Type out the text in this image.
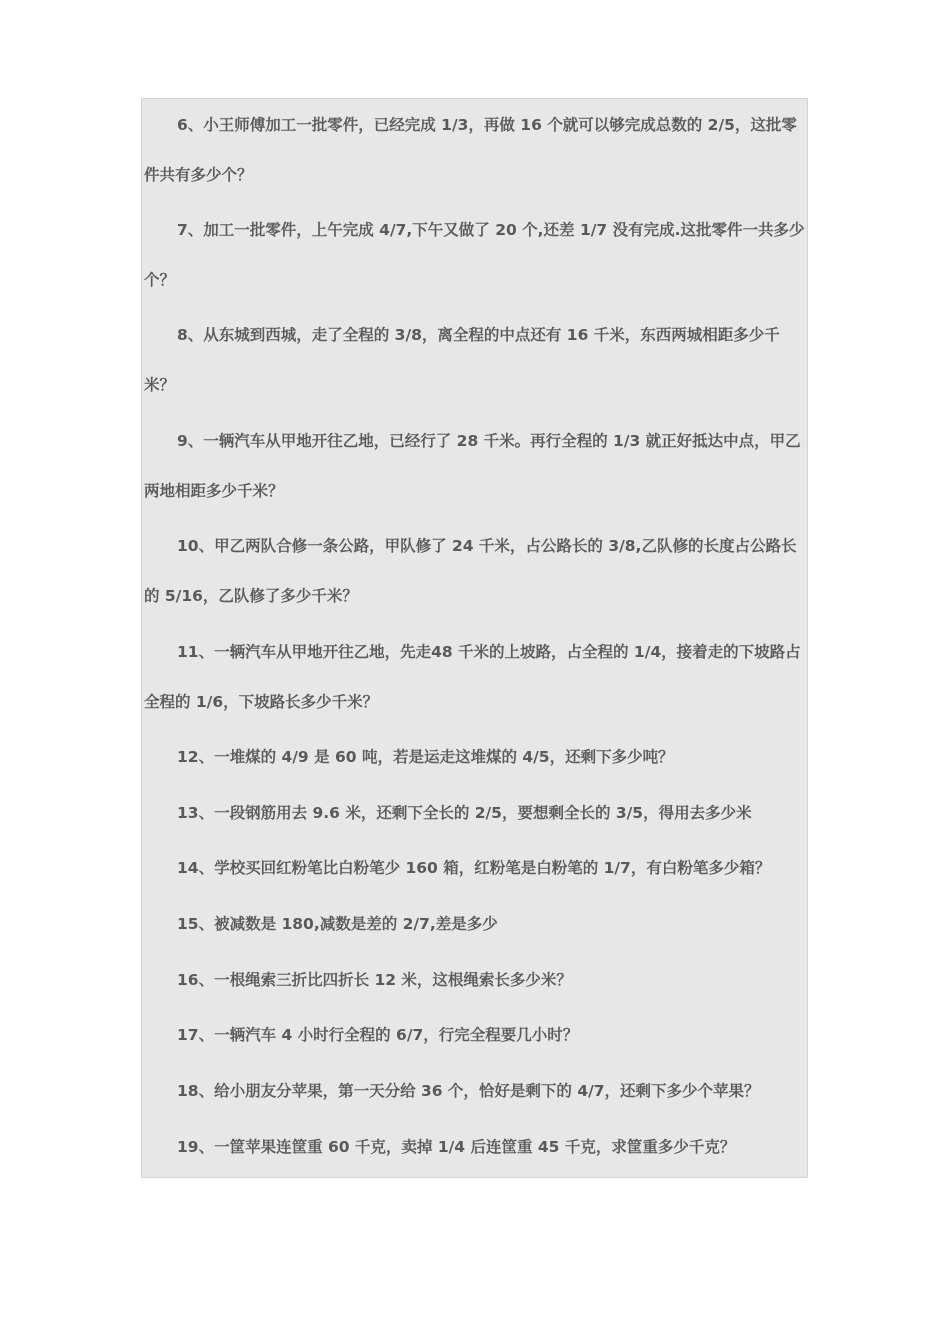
6、小王师傅加工一批零件，已经完成 1/3，再做 16 个就可以够完成总数的 2/5，这批零件共有多少个？
7、加工一批零件，上午完成 4/7,下午又做了 20 个,还差 1/7 没有完成.这批零件一共多少个？
8、从东城到西城，走了全程的 3/8，离全程的中点还有 16 千米，东西两城相距多少千米？
9、一辆汽车从甲地开往乙地，已经行了 28 千米。再行全程的 1/3 就正好抵达中点，甲乙两地相距多少千米？
10、甲乙两队合修一条公路，甲队修了 24 千米，占公路长的 3/8,乙队修的长度占公路长的 5/16，乙队修了多少千米？
11、一辆汽车从甲地开往乙地，先走48 千米的上坡路，占全程的 1/4，接着走的下坡路占全程的 1/6，下坡路长多少千米？
12、一堆煤的 4/9 是 60 吨，若是运走这堆煤的 4/5，还剩下多少吨？
13、一段钢筋用去 9.6 米，还剩下全长的 2/5，要想剩全长的 3/5，得用去多少米
14、学校买回红粉笔比白粉笔少 160 箱，红粉笔是白粉笔的 1/7，有白粉笔多少箱？
15、被减数是 180,减数是差的 2/7,差是多少
16、一根绳索三折比四折长 12 米，这根绳索长多少米？
17、一辆汽车 4 小时行全程的 6/7，行完全程要几小时？
18、给小朋友分苹果，第一天分给 36 个，恰好是剩下的 4/7，还剩下多少个苹果？
19、一筐苹果连筐重 60 千克，卖掉 1/4 后连筐重 45 千克，求筐重多少千克？
